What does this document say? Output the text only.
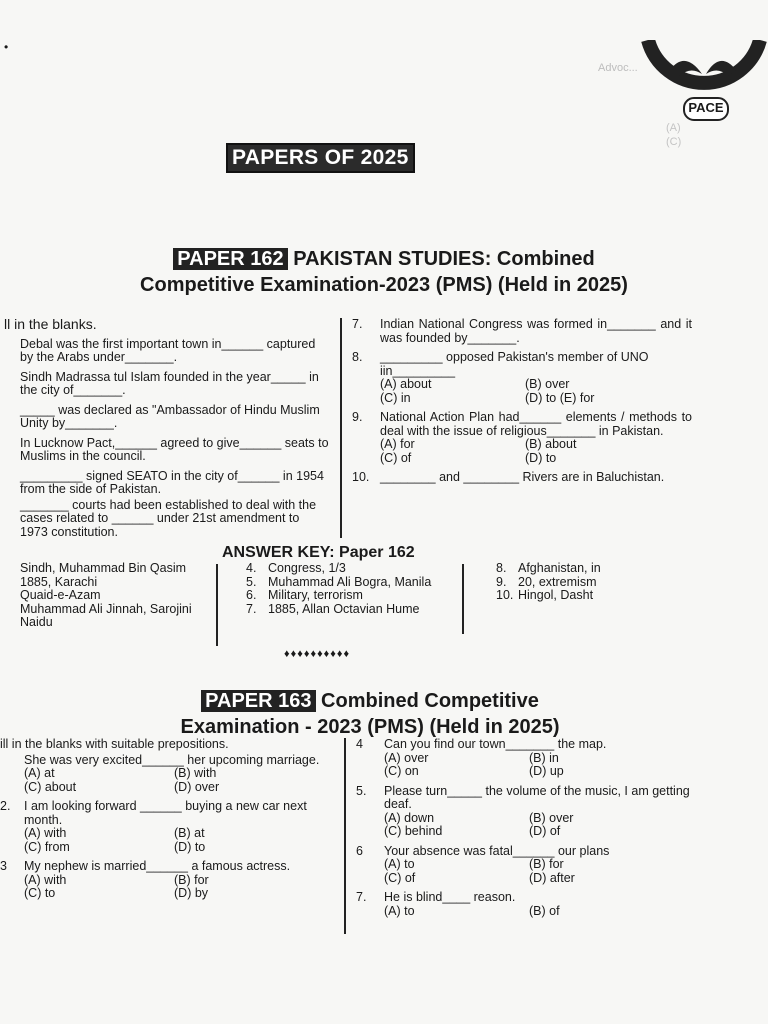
•
Advoc...
(A)
(C)
PACE
PAPERS OF 2025
PAPER 162 PAKISTAN STUDIES: Combined
Competitive Examination-2023 (PMS) (Held in 2025)
ll in the blanks.
Debal was the first important town in______ captured by the Arabs under_______.
Sindh Madrassa tul Islam founded in the year_____ in the city of_______.
_____ was declared as "Ambassador of Hindu Muslim Unity by_______.
In Lucknow Pact,______ agreed to give______ seats to Muslims in the council.
_________ signed SEATO in the city of______ in 1954 from the side of Pakistan.
_______ courts had been established to deal with the cases related to ______ under 21st amendment to 1973 constitution.
7.	Indian National Congress was formed in_______ and it was founded by_______.
8.	_________ opposed Pakistan's member of UNO iin_________
(A) about	(B) over
(C) in	(D) to (E) for
9.	National Action Plan had______ elements / methods to deal with the issue of religious_______ in Pakistan.
(A) for	(B) about
(C) of	(D) to
10. ________ and ________ Rivers are in Baluchistan.
ANSWER KEY: Paper 162
Sindh, Muhammad Bin Qasim
1885, Karachi
Quaid-e-Azam
Muhammad Ali Jinnah, Sarojini Naidu
4. Congress, 1/3
5. Muhammad Ali Bogra, Manila
6. Military, terrorism
7. 1885, Allan Octavian Hume
8. Afghanistan, in
9. 20, extremism
10. Hingol, Dasht
♦♦♦♦♦♦♦♦♦♦
PAPER 163 Combined Competitive
Examination - 2023 (PMS) (Held in 2025)
ill in the blanks with suitable prepositions.
She was very excited______ her upcoming marriage.
(A) at	(B) with
(C) about	(D) over
2.	I am looking forward ______ buying a new car next month.
(A) with	(B) at
(C) from	(D) to
3	My nephew is married______ a famous actress.
(A) with	(B) for
(C) to	(D) by
4	Can you find our town_______ the map.
(A) over	(B) in
(C) on	(D) up
5.	Please turn_____ the volume of the music, I am getting deaf.
(A) down	(B) over
(C) behind	(D) of
6	Your absence was fatal______ our plans
(A) to	(B) for
(C) of	(D) after
7.	He is blind____ reason.
(A) to	(B) of
